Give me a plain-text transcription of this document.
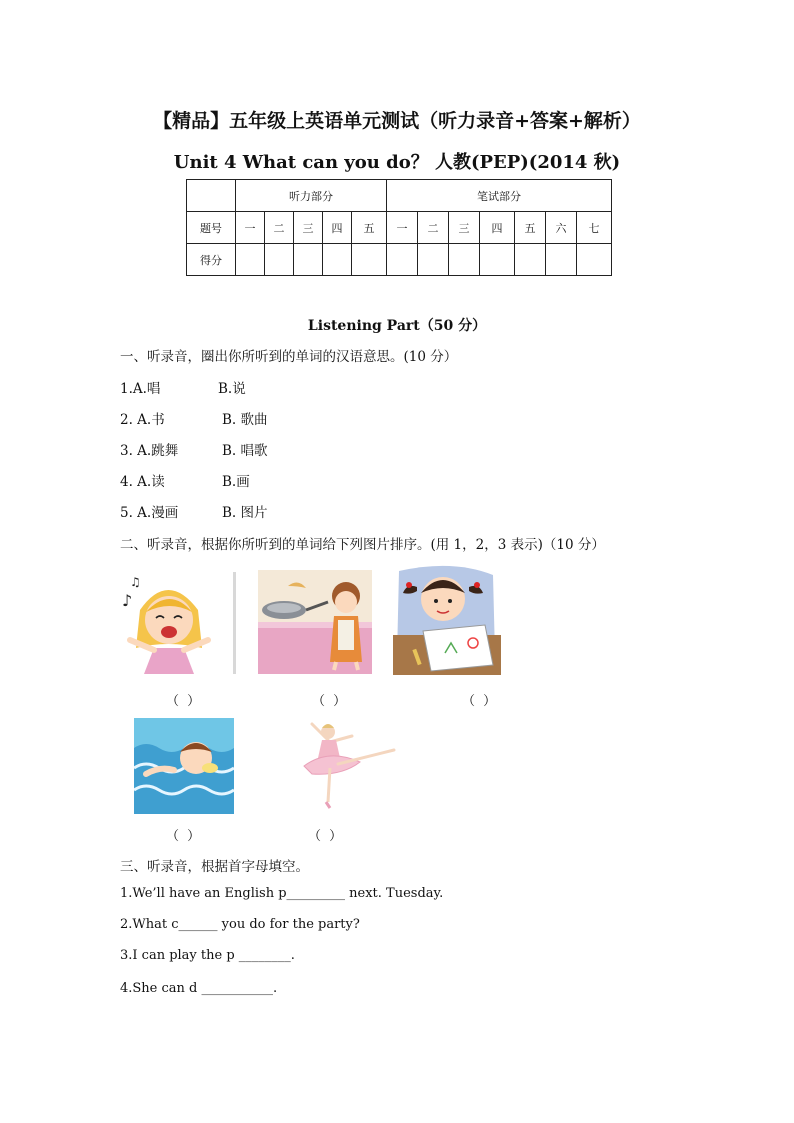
【精品】五年级上英语单元测试（听力录音+答案+解析）
Unit 4 What can you do？ 人教(PEP)(2014 秋)
	听力部分					笔试部分						
题号	一	二	三	四	五	一	二	三	四	五	六	七
得分												
Listening Part（50 分）
一、听录音，圈出你所听到的单词的汉语意思。(10 分）
1.A.唱	B.说
2. A.书	B. 歌曲
3. A.跳舞	B. 唱歌
4. A.读	B.画
5. A.漫画	B. 图片
二、听录音，根据你所听到的单词给下列图片排序。(用 1，2，3 表示)（10 分）
♪
♫
（ ）	（ ）	（ ）
（ ）	（ ）
三、听录音，根据首字母填空。
1.We’ll have an English p_________ next. Tuesday.
2.What c______ you do for the party?
3.I can play the p ________.
4.She can d ___________.
